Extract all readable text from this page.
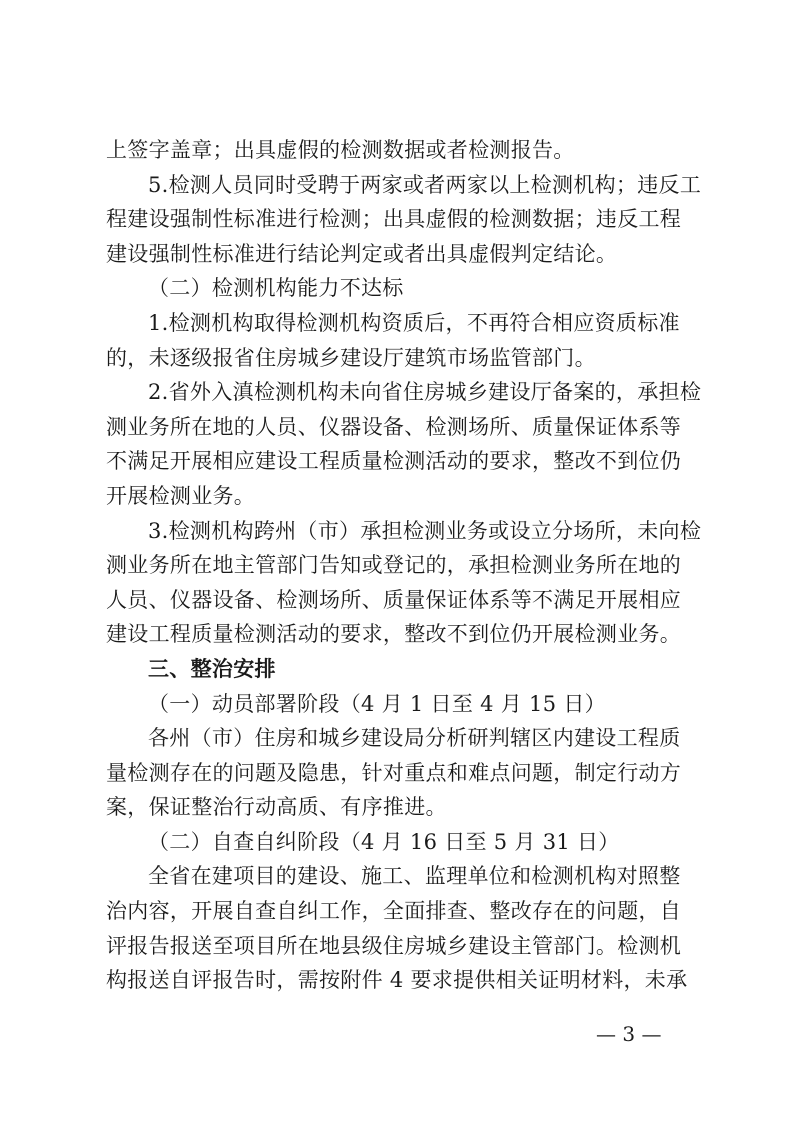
上签字盖章；出具虚假的检测数据或者检测报告。
5.检测人员同时受聘于两家或者两家以上检测机构；违反工
程建设强制性标准进行检测；出具虚假的检测数据；违反工程
建设强制性标准进行结论判定或者出具虚假判定结论。
（二）检测机构能力不达标
1.检测机构取得检测机构资质后，不再符合相应资质标准
的，未逐级报省住房城乡建设厅建筑市场监管部门。
2.省外入滇检测机构未向省住房城乡建设厅备案的，承担检
测业务所在地的人员、仪器设备、检测场所、质量保证体系等
不满足开展相应建设工程质量检测活动的要求，整改不到位仍
开展检测业务。
3.检测机构跨州（市）承担检测业务或设立分场所，未向检
测业务所在地主管部门告知或登记的，承担检测业务所在地的
人员、仪器设备、检测场所、质量保证体系等不满足开展相应
建设工程质量检测活动的要求，整改不到位仍开展检测业务。
三、整治安排
（一）动员部署阶段（4 月 1 日至 4 月 15 日）
各州（市）住房和城乡建设局分析研判辖区内建设工程质
量检测存在的问题及隐患，针对重点和难点问题，制定行动方
案，保证整治行动高质、有序推进。
（二）自查自纠阶段（4 月 16 日至 5 月 31 日）
全省在建项目的建设、施工、监理单位和检测机构对照整
治内容，开展自查自纠工作，全面排查、整改存在的问题，自
评报告报送至项目所在地县级住房城乡建设主管部门。检测机
构报送自评报告时，需按附件 4 要求提供相关证明材料，未承
— 3 —
